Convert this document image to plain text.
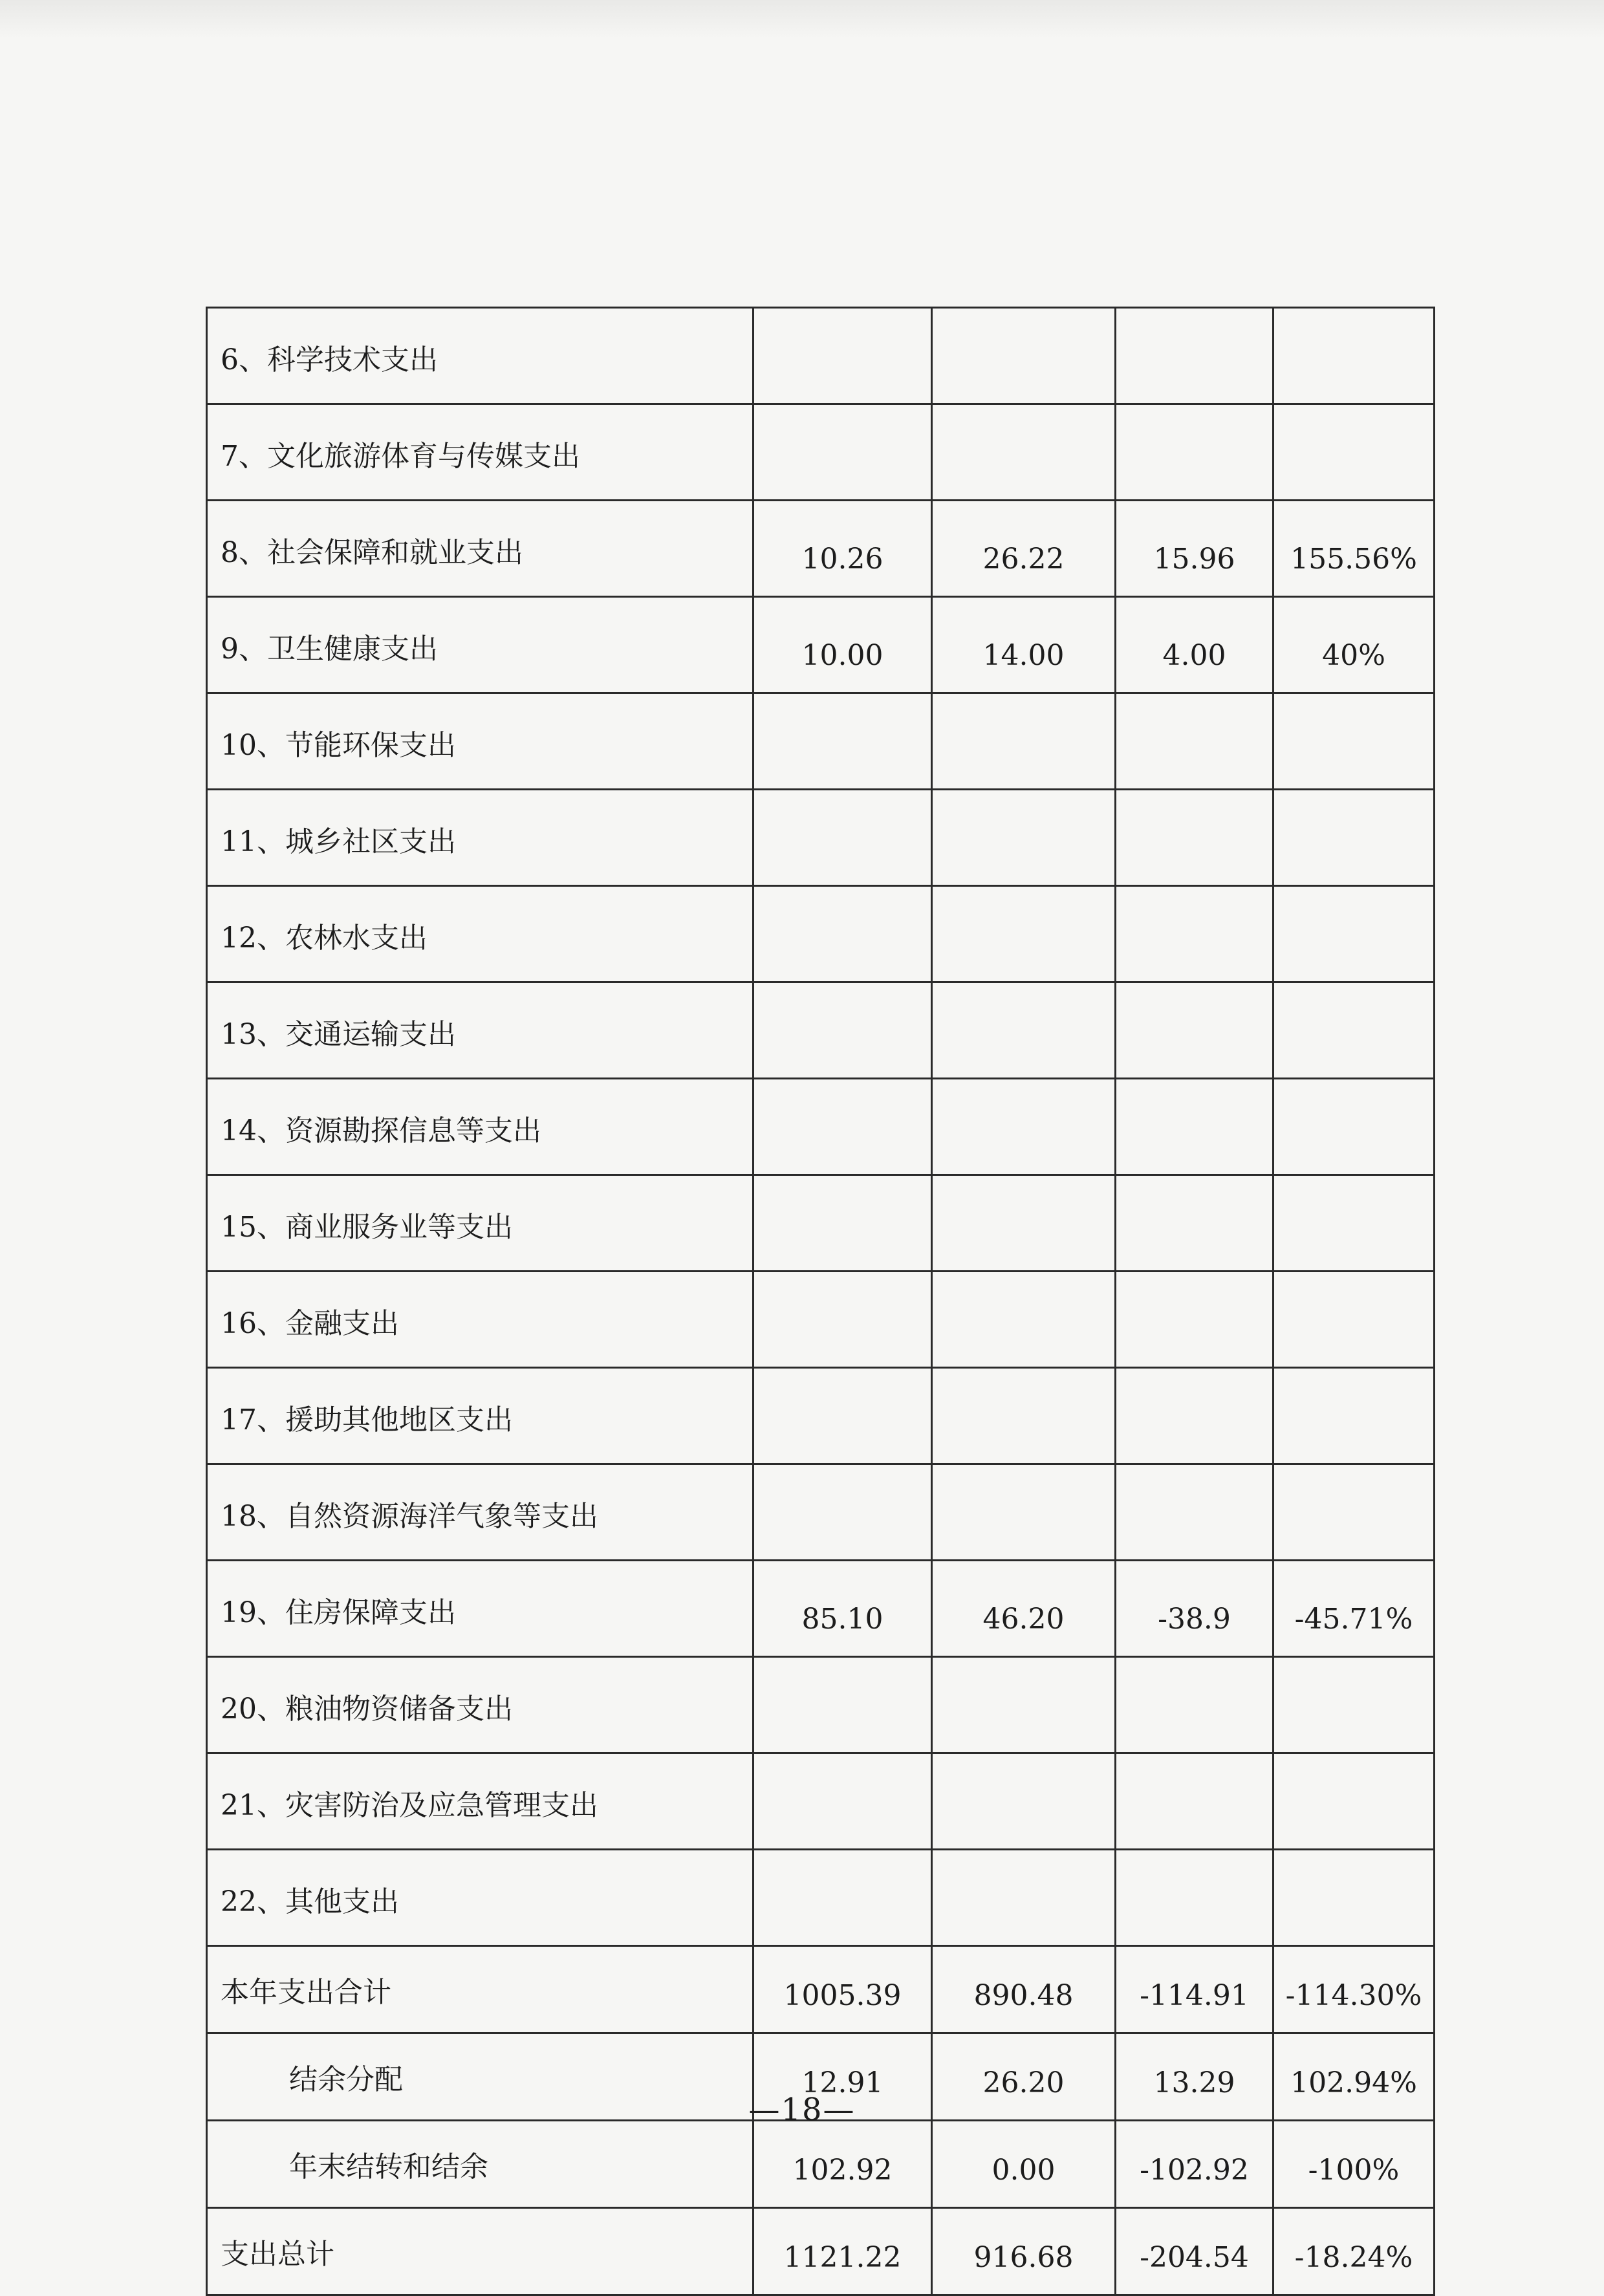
6、科学技术支出				
7、文化旅游体育与传媒支出				
8、社会保障和就业支出	10.26	26.22	15.96	155.56%
9、卫生健康支出	10.00	14.00	4.00	40%
10、节能环保支出				
11、城乡社区支出				
12、农林水支出				
13、交通运输支出				
14、资源勘探信息等支出				
15、商业服务业等支出				
16、金融支出				
17、援助其他地区支出				
18、自然资源海洋气象等支出				
19、住房保障支出	85.10	46.20	-38.9	-45.71%
20、粮油物资储备支出				
21、灾害防治及应急管理支出				
22、其他支出				
本年支出合计	1005.39	890.48	-114.91	-114.30%
结余分配	12.91	26.20	13.29	102.94%
年末结转和结余	102.92	0.00	-102.92	-100%
支出总计	1121.22	916.68	-204.54	-18.24%
—18—
